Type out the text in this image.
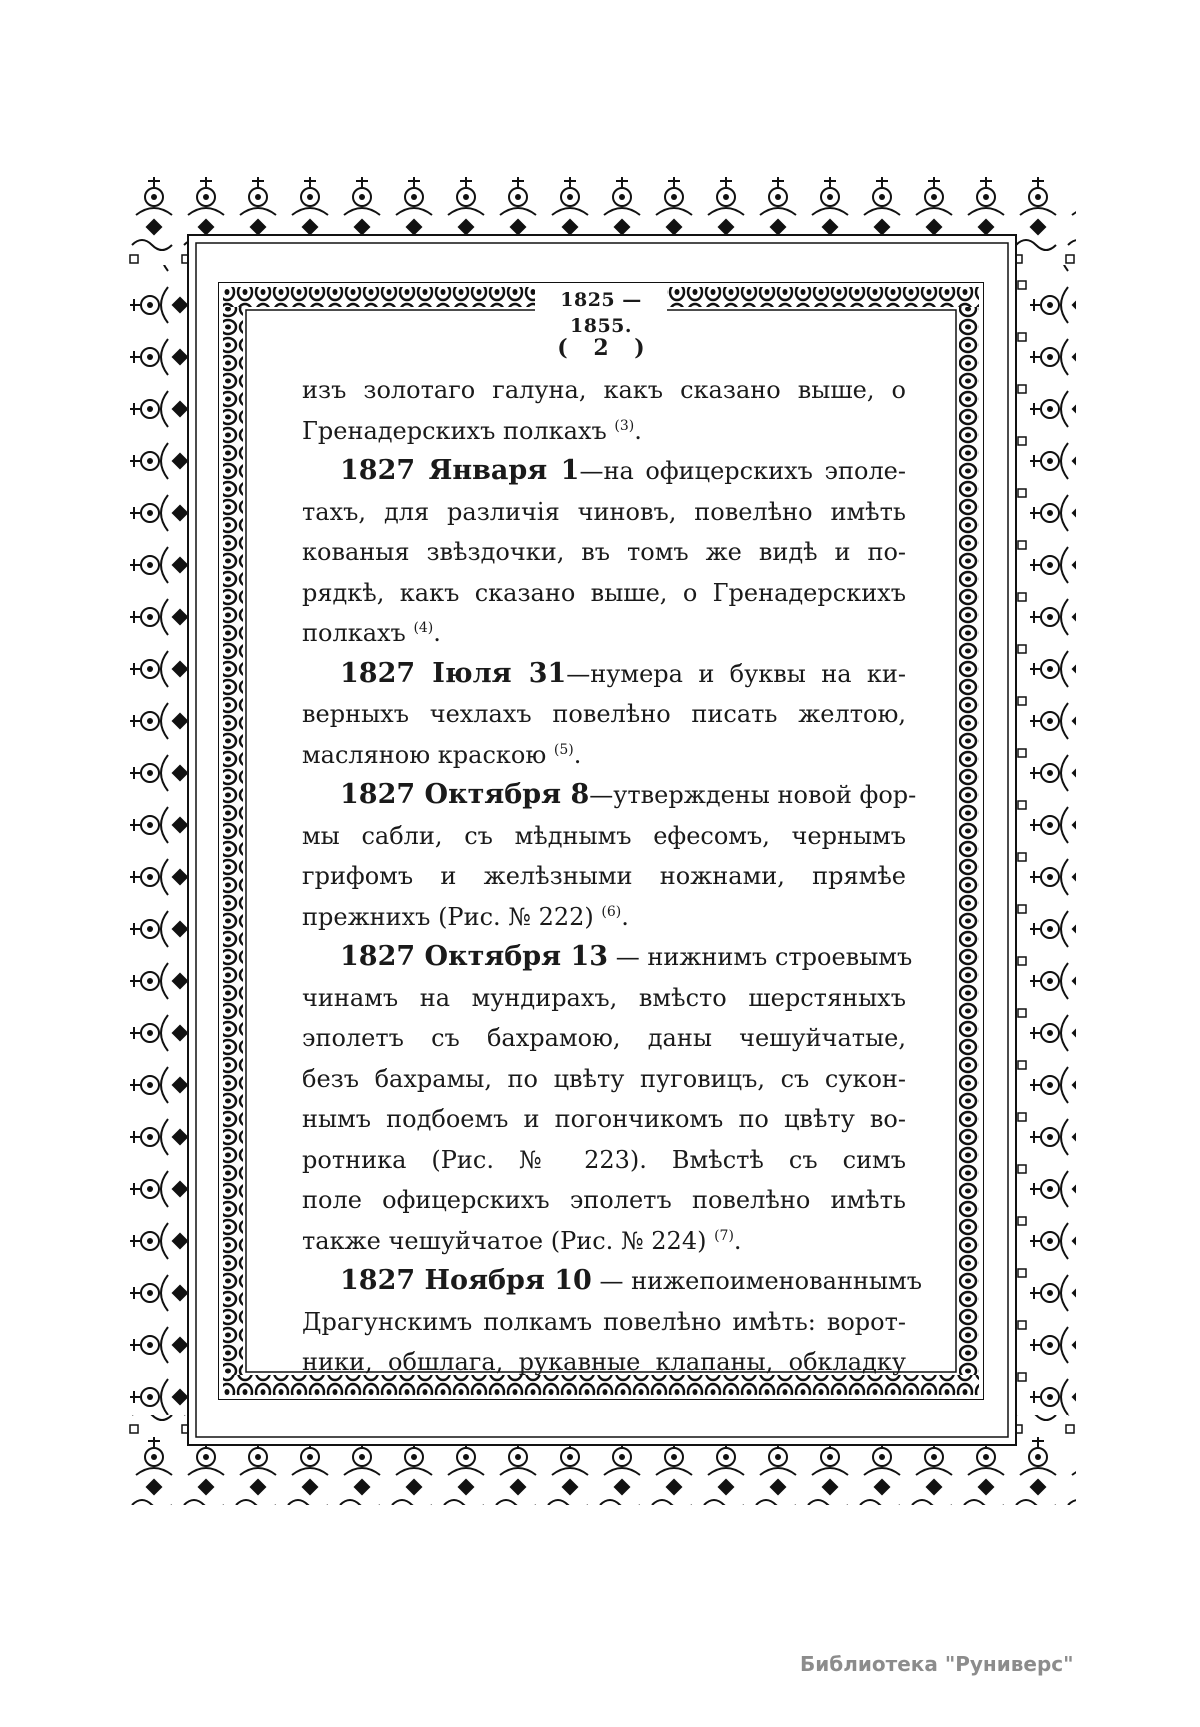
1825 — 1855.
( 2 )
изъ золотаго галуна, какъ сказано выше, о
Гренадерскихъ полкахъ $^{(3)}$.
1827 Января 1—на офицерскихъ эполе-
тахъ, для различія чиновъ, повелѣно имѣть
кованыя звѣздочки, въ томъ же видѣ и по-
рядкѣ, какъ сказано выше, о Гренадерскихъ
полкахъ $^{(4)}$.
1827 Іюля 31—нумера и буквы на ки-
верныхъ чехлахъ повелѣно писать желтою,
масляною краскою $^{(5)}$.
1827 Октября 8—утверждены новой фор-
мы сабли, съ мѣднымъ ефесомъ, чернымъ
грифомъ и желѣзными ножнами, прямѣе
прежнихъ (Рис. № 222) $^{(6)}$.
1827 Октября 13 — нижнимъ строевымъ
чинамъ на мундирахъ, вмѣсто шерстяныхъ
эполетъ съ бахрамою, даны чешуйчатые,
безъ бахрамы, по цвѣту пуговицъ, съ сукон-
нымъ подбоемъ и погончикомъ по цвѣту во-
ротника (Рис. № 223). Вмѣстѣ съ симъ
поле офицерскихъ эполетъ повелѣно имѣть
также чешуйчатое (Рис. № 224) $^{(7)}$.
1827 Ноября 10 — нижепоименованнымъ
Драгунскимъ полкамъ повелѣно имѣть: ворот-
ники, обшлага, рукавные клапаны, обкладку
Библиотека "Руниверс"
